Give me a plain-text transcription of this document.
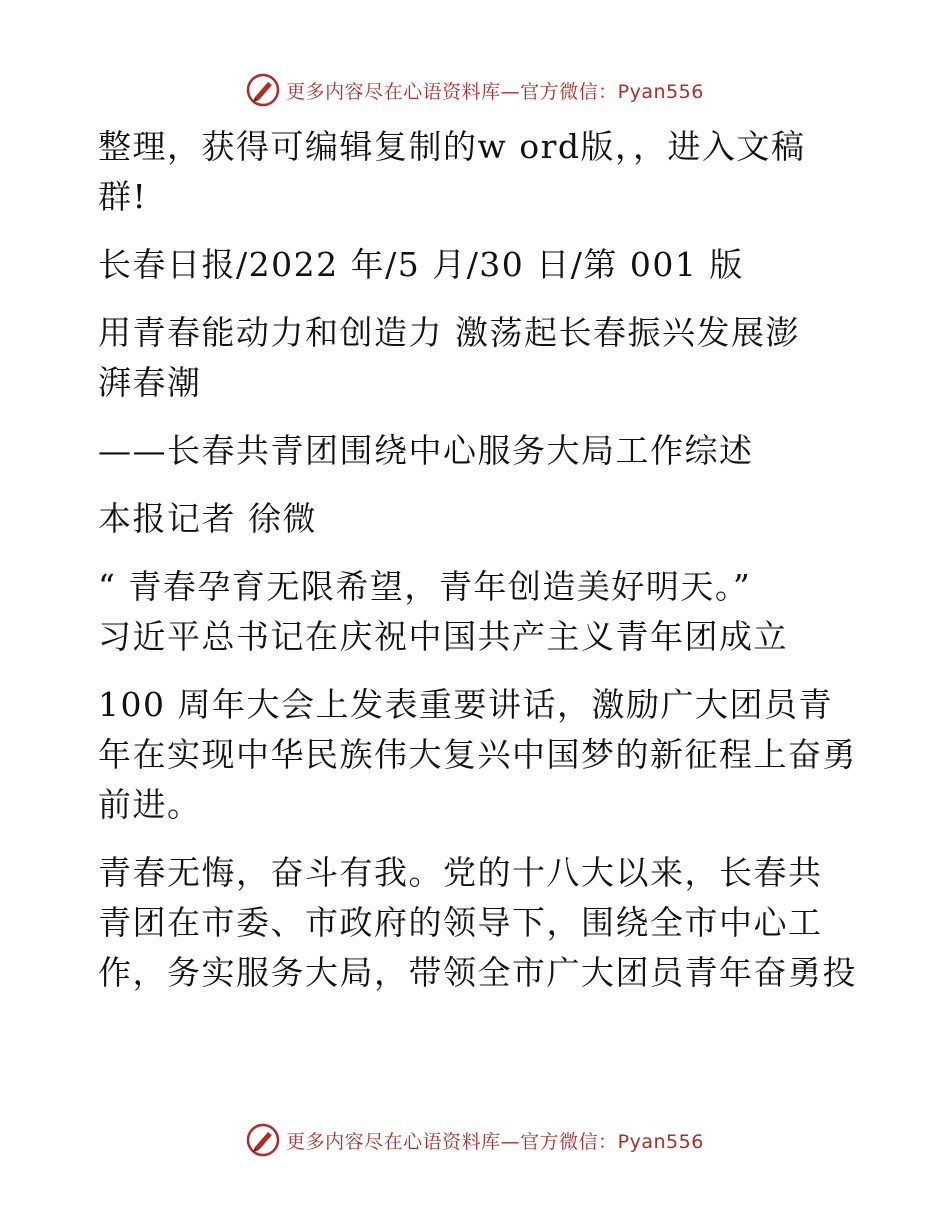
更多内容尽在心语资料库—官方微信：Pyan556

整理，获得可编辑复制的w ord版，，进入文稿

群!

长春日报/2022 年/5 月/30 日/第 001 版

用青春能动力和创造力 激荡起长春振兴发展澎

湃春潮

——长春共青团围绕中心服务大局工作综述

本报记者 徐微

“ 青春孕育无限希望，青年创造美好明天。”

习近平总书记在庆祝中国共产主义青年团成立

100 周年大会上发表重要讲话，激励广大团员青

年在实现中华民族伟大复兴中国梦的新征程上奋勇

前进。

青春无悔，奋斗有我。党的十八大以来，长春共

青团在市委、市政府的领导下，围绕全市中心工

作，务实服务大局，带领全市广大团员青年奋勇投

更多内容尽在心语资料库—官方微信：Pyan556
